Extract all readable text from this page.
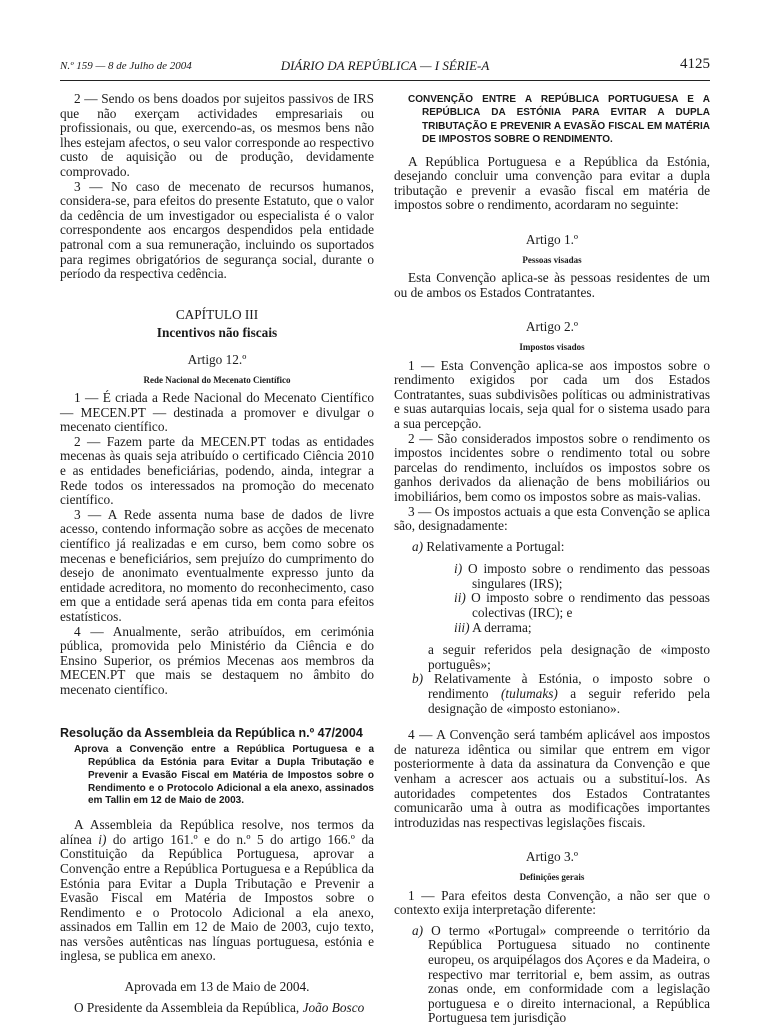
N.º 159 — 8 de Julho de 2004	DIÁRIO DA REPÚBLICA — I SÉRIE-A	4125

2 — Sendo os bens doados por sujeitos passivos de IRS que não exerçam actividades empresariais ou profissionais, ou que, exercendo-as, os mesmos bens não lhes estejam afectos, o seu valor corresponde ao respectivo custo de aquisição ou de produção, devidamente comprovado.

3 — No caso de mecenato de recursos humanos, considera-se, para efeitos do presente Estatuto, que o valor da cedência de um investigador ou especialista é o valor correspondente aos encargos despendidos pela entidade patronal com a sua remuneração, incluindo os suportados para regimes obrigatórios de segurança social, durante o período da respectiva cedência.

CAPÍTULO III

Incentivos não fiscais

Artigo 12.º

Rede Nacional do Mecenato Científico

1 — É criada a Rede Nacional do Mecenato Científico — MECEN.PT — destinada a promover e divulgar o mecenato científico.

2 — Fazem parte da MECEN.PT todas as entidades mecenas às quais seja atribuído o certificado Ciência 2010 e as entidades beneficiárias, podendo, ainda, integrar a Rede todos os interessados na promoção do mecenato científico.

3 — A Rede assenta numa base de dados de livre acesso, contendo informação sobre as acções de mecenato científico já realizadas e em curso, bem como sobre os mecenas e beneficiários, sem prejuízo do cumprimento do desejo de anonimato eventualmente expresso junto da entidade acreditora, no momento do reconhecimento, caso em que a entidade será apenas tida em conta para efeitos estatísticos.

4 — Anualmente, serão atribuídos, em cerimónia pública, promovida pelo Ministério da Ciência e do Ensino Superior, os prémios Mecenas aos membros da MECEN.PT que mais se destaquem no âmbito do mecenato científico.

Resolução da Assembleia da República n.º 47/2004

Aprova a Convenção entre a República Portuguesa e a República da Estónia para Evitar a Dupla Tributação e Prevenir a Evasão Fiscal em Matéria de Impostos sobre o Rendimento e o Protocolo Adicional a ela anexo, assinados em Tallin em 12 de Maio de 2003.

A Assembleia da República resolve, nos termos da alínea i) do artigo 161.º e do n.º 5 do artigo 166.º da Constituição da República Portuguesa, aprovar a Convenção entre a República Portuguesa e a República da Estónia para Evitar a Dupla Tributação e Prevenir a Evasão Fiscal em Matéria de Impostos sobre o Rendimento e o Protocolo Adicional a ela anexo, assinados em Tallin em 12 de Maio de 2003, cujo texto, nas versões autênticas nas línguas portuguesa, estónia e inglesa, se publica em anexo.

Aprovada em 13 de Maio de 2004.

O Presidente da Assembleia da República, João Bosco

CONVENÇÃO ENTRE A REPÚBLICA PORTUGUESA E A REPÚBLICA DA ESTÓNIA PARA EVITAR A DUPLA TRIBUTAÇÃO E PREVENIR A EVASÃO FISCAL EM MATÉRIA DE IMPOSTOS SOBRE O RENDIMENTO.

A República Portuguesa e a República da Estónia, desejando concluir uma convenção para evitar a dupla tributação e prevenir a evasão fiscal em matéria de impostos sobre o rendimento, acordaram no seguinte:

Artigo 1.º

Pessoas visadas

Esta Convenção aplica-se às pessoas residentes de um ou de ambos os Estados Contratantes.

Artigo 2.º

Impostos visados

1 — Esta Convenção aplica-se aos impostos sobre o rendimento exigidos por cada um dos Estados Contratantes, suas subdivisões políticas ou administrativas e suas autarquias locais, seja qual for o sistema usado para a sua percepção.

2 — São considerados impostos sobre o rendimento os impostos incidentes sobre o rendimento total ou sobre parcelas do rendimento, incluídos os impostos sobre os ganhos derivados da alienação de bens mobiliários ou imobiliários, bem como os impostos sobre as mais-valias.

3 — Os impostos actuais a que esta Convenção se aplica são, designadamente:

a) Relativamente a Portugal:

i) O imposto sobre o rendimento das pessoas singulares (IRS);

ii) O imposto sobre o rendimento das pessoas colectivas (IRC); e

iii) A derrama;

a seguir referidos pela designação de «imposto português»;

b) Relativamente à Estónia, o imposto sobre o rendimento (tulumaks) a seguir referido pela designação de «imposto estoniano».

4 — A Convenção será também aplicável aos impostos de natureza idêntica ou similar que entrem em vigor posteriormente à data da assinatura da Convenção e que venham a acrescer aos actuais ou a substituí-los. As autoridades competentes dos Estados Contratantes comunicarão uma à outra as modificações importantes introduzidas nas respectivas legislações fiscais.

Artigo 3.º

Definições gerais

1 — Para efeitos desta Convenção, a não ser que o contexto exija interpretação diferente:

a) O termo «Portugal» compreende o território da República Portuguesa situado no continente europeu, os arquipélagos dos Açores e da Madeira, o respectivo mar territorial e, bem assim, as outras zonas onde, em conformidade com a legislação portuguesa e o direito internacional, a República Portuguesa tem jurisdição
